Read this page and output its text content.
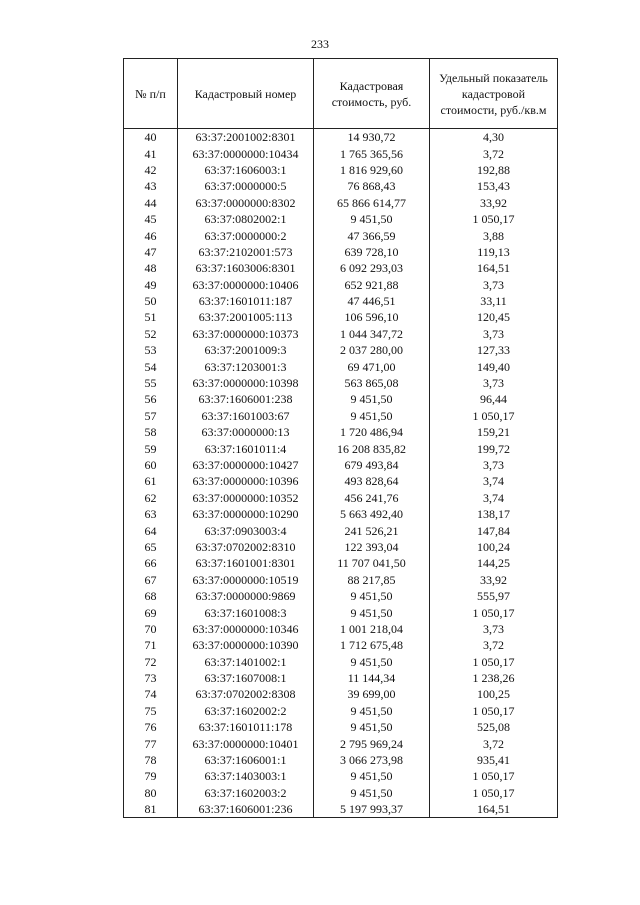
233
№ п/п	Кадастровый номер	Кадастровая стоимость, руб.	Удельный показатель кадастровой стоимости, руб./кв.м
40	63:37:2001002:8301	14 930,72	4,30
41	63:37:0000000:10434	1 765 365,56	3,72
42	63:37:1606003:1	1 816 929,60	192,88
43	63:37:0000000:5	76 868,43	153,43
44	63:37:0000000:8302	65 866 614,77	33,92
45	63:37:0802002:1	9 451,50	1 050,17
46	63:37:0000000:2	47 366,59	3,88
47	63:37:2102001:573	639 728,10	119,13
48	63:37:1603006:8301	6 092 293,03	164,51
49	63:37:0000000:10406	652 921,88	3,73
50	63:37:1601011:187	47 446,51	33,11
51	63:37:2001005:113	106 596,10	120,45
52	63:37:0000000:10373	1 044 347,72	3,73
53	63:37:2001009:3	2 037 280,00	127,33
54	63:37:1203001:3	69 471,00	149,40
55	63:37:0000000:10398	563 865,08	3,73
56	63:37:1606001:238	9 451,50	96,44
57	63:37:1601003:67	9 451,50	1 050,17
58	63:37:0000000:13	1 720 486,94	159,21
59	63:37:1601011:4	16 208 835,82	199,72
60	63:37:0000000:10427	679 493,84	3,73
61	63:37:0000000:10396	493 828,64	3,74
62	63:37:0000000:10352	456 241,76	3,74
63	63:37:0000000:10290	5 663 492,40	138,17
64	63:37:0903003:4	241 526,21	147,84
65	63:37:0702002:8310	122 393,04	100,24
66	63:37:1601001:8301	11 707 041,50	144,25
67	63:37:0000000:10519	88 217,85	33,92
68	63:37:0000000:9869	9 451,50	555,97
69	63:37:1601008:3	9 451,50	1 050,17
70	63:37:0000000:10346	1 001 218,04	3,73
71	63:37:0000000:10390	1 712 675,48	3,72
72	63:37:1401002:1	9 451,50	1 050,17
73	63:37:1607008:1	11 144,34	1 238,26
74	63:37:0702002:8308	39 699,00	100,25
75	63:37:1602002:2	9 451,50	1 050,17
76	63:37:1601011:178	9 451,50	525,08
77	63:37:0000000:10401	2 795 969,24	3,72
78	63:37:1606001:1	3 066 273,98	935,41
79	63:37:1403003:1	9 451,50	1 050,17
80	63:37:1602003:2	9 451,50	1 050,17
81	63:37:1606001:236	5 197 993,37	164,51
